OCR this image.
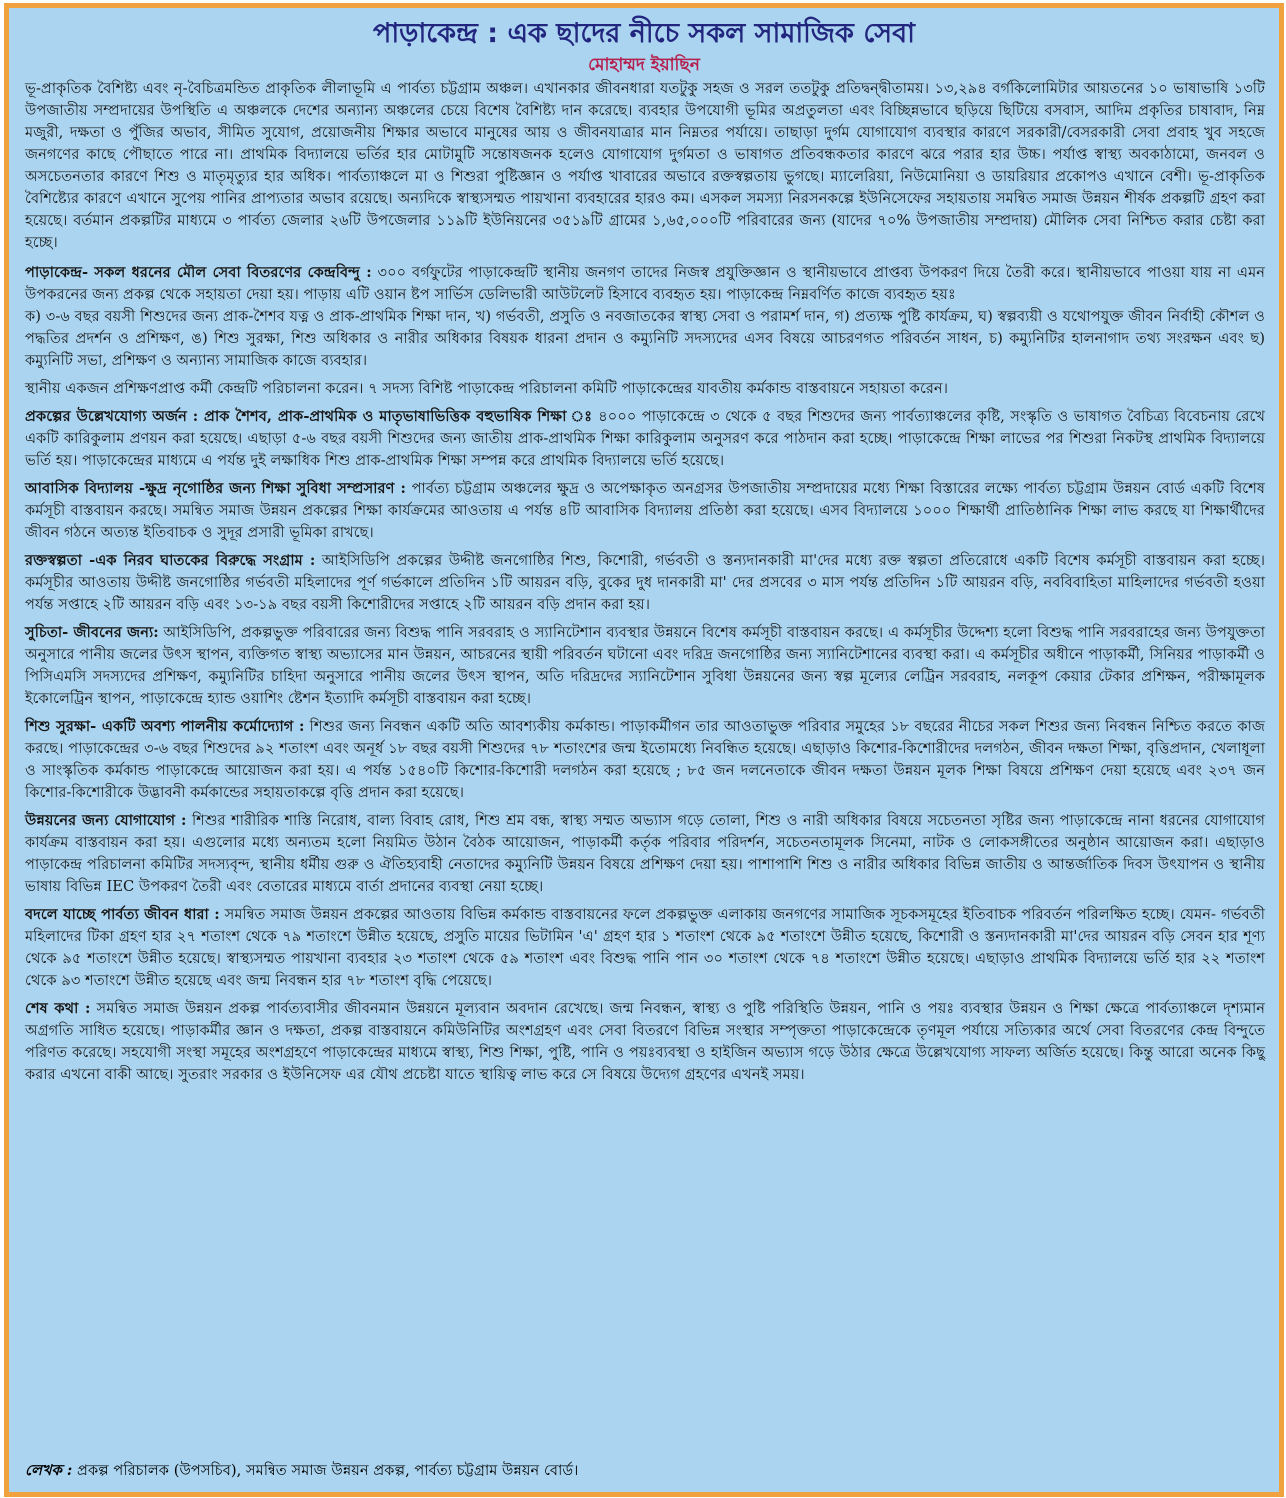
পাড়াকেন্দ্র : এক ছাদের নীচে সকল সামাজিক সেবা
মোহাম্মদ ইয়াছিন

ভূ-প্রাকৃতিক বৈশিষ্ট্য এবং নৃ-বৈচিত্রমন্ডিত প্রাকৃতিক লীলাভূমি এ পার্বত্য চট্টগ্রাম অঞ্চল। এখানকার জীবনধারা যতটুকু সহজ ও সরল ততটুকু প্রতিদ্বন্দ্বীতাময়। ১৩,২৯৪ বর্গকিলোমিটার আয়তনের ১০ ভাষাভাষি ১৩টি উপজাতীয় সম্প্রদায়ের উপস্থিতি এ অঞ্চলকে দেশের অন্যান্য অঞ্চলের চেয়ে বিশেষ বৈশিষ্ট্য দান করেছে। ব্যবহার উপযোগী ভূমির অপ্রতুলতা এবং বিচ্ছিন্নভাবে ছড়িয়ে ছিটিয়ে বসবাস, আদিম প্রকৃতির চাষাবাদ, নিম্ন মজুরী, দক্ষতা ও পুঁজির অভাব, সীমিত সুযোগ, প্রয়োজনীয় শিক্ষার অভাবে মানুষের আয় ও জীবনযাত্রার মান নিম্নতর পর্যায়ে। তাছাড়া দুর্গম যোগাযোগ ব্যবস্থার কারণে সরকারী/বেসরকারী সেবা প্রবাহ খুব সহজে জনগণের কাছে পৌছাতে পারে না। প্রাথমিক বিদ্যালয়ে ভর্তির হার মোটামুটি সন্তোষজনক হলেও যোগাযোগ দুর্গমতা ও ভাষাগত প্রতিবন্ধকতার কারণে ঝরে পরার হার উচ্চ। পর্যাপ্ত স্বাস্থ্য অবকাঠামো, জনবল ও অসচেতনতার কারণে শিশু ও মাতৃমৃত্যুর হার অধিক। পার্বত্যাঞ্চলে মা ও শিশুরা পুষ্টিজ্ঞান ও পর্যাপ্ত খাবারের অভাবে রক্তস্বল্পতায় ভুগছে। ম্যালেরিয়া, নিউমোনিয়া ও ডায়রিয়ার প্রকোপও এখানে বেশী। ভূ-প্রাকৃতিক বৈশিষ্ট্যের কারণে এখানে সুপেয় পানির প্রাপ্যতার অভাব রয়েছে। অন্যদিকে স্বাস্থ্যসম্মত পায়খানা ব্যবহারের হারও কম। এসকল সমস্যা নিরসনকল্পে ইউনিসেফের সহায়তায় সমন্বিত সমাজ উন্নয়ন শীর্ষক প্রকল্পটি গ্রহণ করা হয়েছে। বর্তমান প্রকল্পটির মাধ্যমে ৩ পার্বত্য জেলার ২৬টি উপজেলার ১১৯টি ইউনিয়নের ৩৫১৯টি গ্রামের ১,৬৫,০০০টি পরিবারের জন্য (যাদের ৭০% উপজাতীয় সম্প্রদায়) মৌলিক সেবা নিশ্চিত করার চেষ্টা করা হচ্ছে।

পাড়াকেন্দ্র- সকল ধরনের মৌল সেবা বিতরণের কেন্দ্রবিন্দু : ৩০০ বর্গফুটের পাড়াকেন্দ্রটি স্থানীয় জনগণ তাদের নিজস্ব প্রযুক্তিজ্ঞান ও স্থানীয়ভাবে প্রাপ্তব্য উপকরণ দিয়ে তৈরী করে। স্থানীয়ভাবে পাওয়া যায় না এমন উপকরনের জন্য প্রকল্প থেকে সহায়তা দেয়া হয়। পাড়ায় এটি ওয়ান ষ্টপ সার্ভিস ডেলিভারী আউটলেট হিসাবে ব্যবহৃত হয়। পাড়াকেন্দ্র নিম্নবর্ণিত কাজে ব্যবহৃত হয়ঃ
ক) ৩-৬ বছর বয়সী শিশুদের জন্য প্রাক-শৈশব যত্ন ও প্রাক-প্রাথমিক শিক্ষা দান, খ) গর্ভবতী, প্রসুতি ও নবজাতকের স্বাস্থ্য সেবা ও পরামর্শ দান, গ) প্রত্যক্ষ পুষ্টি কার্যক্রম, ঘ) স্বল্পব্যয়ী ও যথোপযুক্ত জীবন নির্বাহী কৌশল ও পদ্ধতির প্রদর্শন ও প্রশিক্ষণ, ঙ) শিশু সুরক্ষা, শিশু অধিকার ও নারীর অধিকার বিষয়ক ধারনা প্রদান ও কম্যুনিটি সদস্যদের এসব বিষয়ে আচরণগত পরিবর্তন সাধন, চ) কম্যুনিটির হালনাগাদ তথ্য সংরক্ষন এবং ছ) কম্যুনিটি সভা, প্রশিক্ষণ ও অন্যান্য সামাজিক কাজে ব্যবহার।

স্থানীয় একজন প্রশিক্ষণপ্রাপ্ত কর্মী কেন্দ্রটি পরিচালনা করেন। ৭ সদস্য বিশিষ্ট পাড়াকেন্দ্র পরিচালনা কমিটি পাড়াকেন্দ্রের যাবতীয় কর্মকান্ড বাস্তবায়নে সহায়তা করেন।

প্রকল্পের উল্লেখযোগ্য অর্জন : প্রাক শৈশব, প্রাক-প্রাথমিক ও মাতৃভাষাভিত্তিক বহুভাষিক শিক্ষা ঃ ৪০০০ পাড়াকেন্দ্রে ৩ থেকে ৫ বছর শিশুদের জন্য পার্বত্যাঞ্চলের কৃষ্টি, সংস্কৃতি ও ভাষাগত বৈচিত্র্য বিবেচনায় রেখে একটি কারিকুলাম প্রণয়ন করা হয়েছে। এছাড়া ৫-৬ বছর বয়সী শিশুদের জন্য জাতীয় প্রাক-প্রাথমিক শিক্ষা কারিকুলাম অনুসরণ করে পাঠদান করা হচ্ছে। পাড়াকেন্দ্রে শিক্ষা লাভের পর শিশুরা নিকটস্থ প্রাথমিক বিদ্যালয়ে ভর্তি হয়। পাড়াকেন্দ্রের মাধ্যমে এ পর্যন্ত দুই লক্ষাধিক শিশু প্রাক-প্রাথমিক শিক্ষা সম্পন্ন করে প্রাথমিক বিদ্যালয়ে ভর্তি হয়েছে।

আবাসিক বিদ্যালয় -ক্ষুদ্র নৃগোষ্ঠির জন্য শিক্ষা সুবিধা সম্প্রসারণ : পার্বত্য চট্টগ্রাম অঞ্চলের ক্ষুদ্র ও অপেক্ষাকৃত অনগ্রসর উপজাতীয় সম্প্রদায়ের মধ্যে শিক্ষা বিস্তারের লক্ষ্যে পার্বত্য চট্টগ্রাম উন্নয়ন বোর্ড একটি বিশেষ কর্মসূচী বাস্তবায়ন করছে। সমন্বিত সমাজ উন্নয়ন প্রকল্পের শিক্ষা কার্যক্রমের আওতায় এ পর্যন্ত ৪টি আবাসিক বিদ্যালয় প্রতিষ্ঠা করা হয়েছে। এসব বিদ্যালয়ে ১০০০ শিক্ষার্থী প্রাতিষ্ঠানিক শিক্ষা লাভ করছে যা শিক্ষার্থীদের জীবন গঠনে অত্যন্ত ইতিবাচক ও সুদূর প্রসারী ভূমিকা রাখছে।

রক্তস্বল্পতা -এক নিরব ঘাতকের বিরুদ্ধে সংগ্রাম : আইসিডিপি প্রকল্পের উদ্দীষ্ট জনগোষ্ঠির শিশু, কিশোরী, গর্ভবতী ও স্তন্যদানকারী মা'দের মধ্যে রক্ত স্বল্পতা প্রতিরোধে একটি বিশেষ কর্মসূচী বাস্তবায়ন করা হচ্ছে। কর্মসূচীর আওতায় উদ্দীষ্ট জনগোষ্ঠির গর্ভবতী মহিলাদের পূর্ণ গর্ভকালে প্রতিদিন ১টি আয়রন বড়ি, বুকের দুধ দানকারী মা' দের প্রসবের ৩ মাস পর্যন্ত প্রতিদিন ১টি আয়রন বড়ি, নববিবাহিতা মাহিলাদের গর্ভবতী হওয়া পর্যন্ত সপ্তাহে ২টি আয়রন বড়ি এবং ১৩-১৯ বছর বয়সী কিশোরীদের সপ্তাহে ২টি আয়রন বড়ি প্রদান করা হয়।

সুচিতা- জীবনের জন্য: আইসিডিপি, প্রকল্পভুক্ত পরিবারের জন্য বিশুদ্ধ পানি সরবরাহ ও স্যানিটেশান ব্যবস্থার উন্নয়নে বিশেষ কর্মসূচী বাস্তবায়ন করছে। এ কর্মসূচীর উদ্দেশ্য হলো বিশুদ্ধ পানি সরবরাহের জন্য উপযুক্ততা অনুসারে পানীয় জলের উৎস স্থাপন, ব্যক্তিগত স্বাস্থ্য অভ্যাসের মান উন্নয়ন, আচরনের স্থায়ী পরিবর্তন ঘটানো এবং দরিদ্র জনগোষ্ঠির জন্য স্যানিটেশানের ব্যবস্থা করা। এ কর্মসূচীর অধীনে পাড়াকর্মী, সিনিয়র পাড়াকর্মী ও পিসিএমসি সদস্যদের প্রশিক্ষণ, কম্যুনিটির চাহিদা অনুসারে পানীয় জলের উৎস স্থাপন, অতি দরিদ্রদের স্যানিটেশান সুবিধা উন্নয়নের জন্য স্বল্প মূল্যের লেট্রিন সরবরাহ, নলকূপ কেয়ার টেকার প্রশিক্ষন, পরীক্ষামূলক ইকোলেট্রিন স্থাপন, পাড়াকেন্দ্রে হ্যান্ড ওয়াশিং ষ্টেশন ইত্যাদি কর্মসূচী বাস্তবায়ন করা হচ্ছে।

শিশু সুরক্ষা- একটি অবশ্য পালনীয় কর্মোদ্যোগ : শিশুর জন্য নিবন্ধন একটি অতি আবশ্যকীয় কর্মকান্ড। পাড়াকর্মীগন তার আওতাভুক্ত পরিবার সমুহের ১৮ বছরের নীচের সকল শিশুর জন্য নিবন্ধন নিশ্চিত করতে কাজ করছে। পাড়াকেন্দ্রের ৩-৬ বছর শিশুদের ৯২ শতাংশ এবং অনূর্ধ ১৮ বছর বয়সী শিশুদের ৭৮ শতাংশের জন্ম ইতোমধ্যে নিবন্ধিত হয়েছে। এছাড়াও কিশোর-কিশোরীদের দলগঠন, জীবন দক্ষতা শিক্ষা, বৃত্তিপ্রদান, খেলাধূলা ও সাংস্কৃতিক কর্মকান্ড পাড়াকেন্দ্রে আয়োজন করা হয়। এ পর্যন্ত ১৫৪০টি কিশোর-কিশোরী দলগঠন করা হয়েছে ; ৮৫ জন দলনেতাকে জীবন দক্ষতা উন্নয়ন মূলক শিক্ষা বিষয়ে প্রশিক্ষণ দেয়া হয়েছে এবং ২৩৭ জন কিশোর-কিশোরীকে উদ্ভাবনী কর্মকান্ডের সহায়তাকল্পে বৃত্তি প্রদান করা হয়েছে।

উন্নয়নের জন্য যোগাযোগ : শিশুর শারীরিক শাস্তি নিরোধ, বাল্য বিবাহ রোধ, শিশু শ্রম বন্ধ, স্বাস্থ্য সম্মত অভ্যাস গড়ে তোলা, শিশু ও নারী অধিকার বিষয়ে সচেতনতা সৃষ্টির জন্য পাড়াকেন্দ্রে নানা ধরনের যোগাযোগ কার্যক্রম বাস্তবায়ন করা হয়। এগুলোর মধ্যে অন্যতম হলো নিয়মিত উঠান বৈঠক আয়োজন, পাড়াকর্মী কর্তৃক পরিবার পরিদর্শন, সচেতনতামূলক সিনেমা, নাটক ও লোকসঙ্গীতের অনুষ্ঠান আয়োজন করা। এছাড়াও পাড়াকেন্দ্র পরিচালনা কমিটির সদস্যবৃন্দ, স্থানীয় ধর্মীয় গুরু ও ঐতিহ্যবাহী নেতাদের কম্যুনিটি উন্নয়ন বিষয়ে প্রশিক্ষণ দেয়া হয়। পাশাপাশি শিশু ও নারীর অধিকার বিভিন্ন জাতীয় ও আন্তর্জাতিক দিবস উৎযাপন ও স্থানীয় ভাষায় বিভিন্ন IEC উপকরণ তৈরী এবং বেতারের মাধ্যমে বার্তা প্রদানের ব্যবস্থা নেয়া হচ্ছে।

বদলে যাচ্ছে পার্বত্য জীবন ধারা : সমন্বিত সমাজ উন্নয়ন প্রকল্পের আওতায় বিভিন্ন কর্মকান্ড বাস্তবায়নের ফলে প্রকল্পভুক্ত এলাকায় জনগণের সামাজিক সূচকসমূহের ইতিবাচক পরিবর্তন পরিলক্ষিত হচ্ছে। যেমন- গর্ভবতী মহিলাদের টিকা গ্রহণ হার ২৭ শতাংশ থেকে ৭৯ শতাংশে উন্নীত হয়েছে, প্রসুতি মায়ের ভিটামিন 'এ' গ্রহণ হার ১ শতাংশ থেকে ৯৫ শতাংশে উন্নীত হয়েছে, কিশোরী ও স্তন্যদানকারী মা'দের আয়রন বড়ি সেবন হার শূণ্য থেকে ৯৫ শতাংশে উন্নীত হয়েছে। স্বাস্থ্যসম্মত পায়খানা ব্যবহার ২৩ শতাংশ থেকে ৫৯ শতাংশ এবং বিশুদ্ধ পানি পান ৩০ শতাংশ থেকে ৭৪ শতাংশে উন্নীত হয়েছে। এছাড়াও প্রাথমিক বিদ্যালয়ে ভর্তি হার ২২ শতাংশ থেকে ৯৩ শতাংশে উন্নীত হয়েছে এবং জন্ম নিবন্ধন হার ৭৮ শতাংশ বৃদ্ধি পেয়েছে।

শেষ কথা : সমন্বিত সমাজ উন্নয়ন প্রকল্প পার্বত্যবাসীর জীবনমান উন্নয়নে মূল্যবান অবদান রেখেছে। জন্ম নিবন্ধন, স্বাস্থ্য ও পুষ্টি পরিস্থিতি উন্নয়ন, পানি ও পয়ঃ ব্যবস্থার উন্নয়ন ও শিক্ষা ক্ষেত্রে পার্বত্যাঞ্চলে দৃশ্যমান অগ্রগতি সাধিত হয়েছে। পাড়াকর্মীর জ্ঞান ও দক্ষতা, প্রকল্প বাস্তবায়নে কমিউনিটির অংশগ্রহণ এবং সেবা বিতরণে বিভিন্ন সংস্থার সম্পৃক্ততা পাড়াকেন্দ্রেকে তৃণমূল পর্যায়ে সত্যিকার অর্থে সেবা বিতরণের কেন্দ্র বিন্দুতে পরিণত করেছে। সহযোগী সংস্থা সমূহের অংশগ্রহণে পাড়াকেন্দ্রের মাধ্যমে স্বাস্থ্য, শিশু শিক্ষা, পুষ্টি, পানি ও পয়ঃব্যবস্থা ও হাইজিন অভ্যাস গড়ে উঠার ক্ষেত্রে উল্লেখযোগ্য সাফল্য অর্জিত হয়েছে। কিন্তু আরো অনেক কিছু করার এখনো বাকী আছে। সুতরাং সরকার ও ইউনিসেফ এর যৌথ প্রচেষ্টা যাতে স্থায়িত্ব লাভ করে সে বিষয়ে উদ্যেগ গ্রহণের এখনই সময়।

লেখক : প্রকল্প পরিচালক (উপসচিব), সমন্বিত সমাজ উন্নয়ন প্রকল্প, পার্বত্য চট্টগ্রাম উন্নয়ন বোর্ড।
